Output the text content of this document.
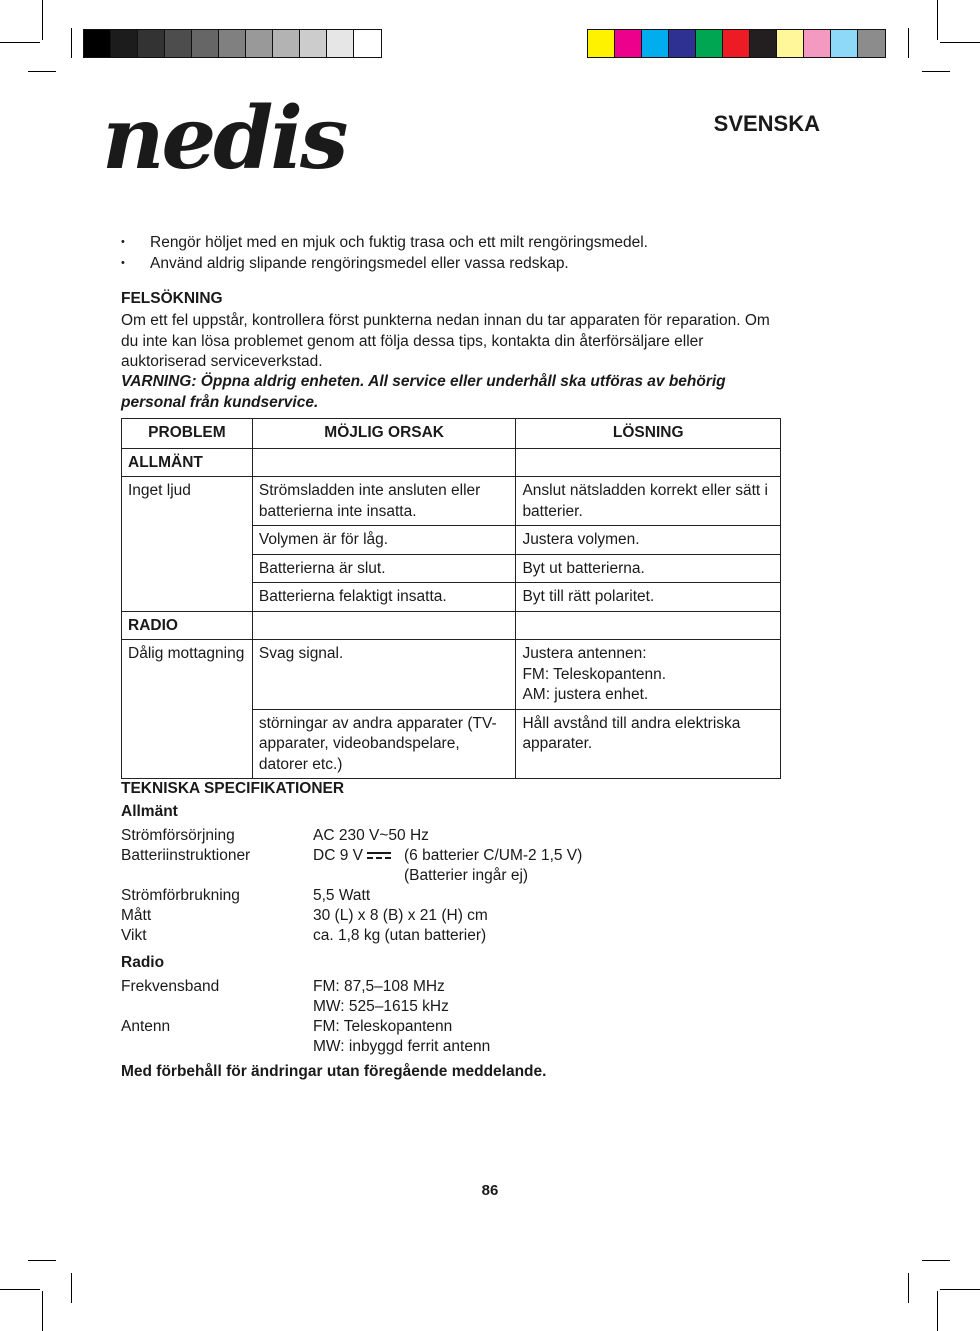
nedis	SVENSKA
• Rengör höljet med en mjuk och fuktig trasa och ett milt rengöringsmedel.
• Använd aldrig slipande rengöringsmedel eller vassa redskap.
FELSÖKNING
Om ett fel uppstår, kontrollera först punkterna nedan innan du tar apparaten för reparation. Om du inte kan lösa problemet genom att följa dessa tips, kontakta din återförsäljare eller auktoriserad serviceverkstad.
VARNING: Öppna aldrig enheten. All service eller underhåll ska utföras av behörig personal från kundservice.
PROBLEM	MÖJLIG ORSAK	LÖSNING
ALLMÄNT		
Inget ljud	Strömsladden inte ansluten eller batterierna inte insatta.	Anslut nätsladden korrekt eller sätt i batterier.
	Volymen är för låg.	Justera volymen.
	Batterierna är slut.	Byt ut batterierna.
	Batterierna felaktigt insatta.	Byt till rätt polaritet.
RADIO		
Dålig mottagning	Svag signal.	Justera antennen:
FM: Teleskopantenn.
AM: justera enhet.

	störningar av andra apparater (TV-apparater, videobandspelare, datorer etc.)	Håll avstånd till andra elektriska apparater.
TEKNISKA SPECIFIKATIONER
Allmänt
Strömförsörjning	AC 230 V~50 Hz
Batteriinstruktioner	DC 9 V	(6 batterier C/UM-2 1,5 V)
(Batterier ingår ej)
Strömförbrukning	5,5 Watt
Mått	30 (L) x 8 (B) x 21 (H) cm
Vikt	ca. 1,8 kg (utan batterier)
Radio
Frekvensband	FM: 87,5–108 MHz
MW: 525–1615 kHz
Antenn	FM: Teleskopantenn
MW: inbyggd ferrit antenn
Med förbehåll för ändringar utan föregående meddelande.
86
